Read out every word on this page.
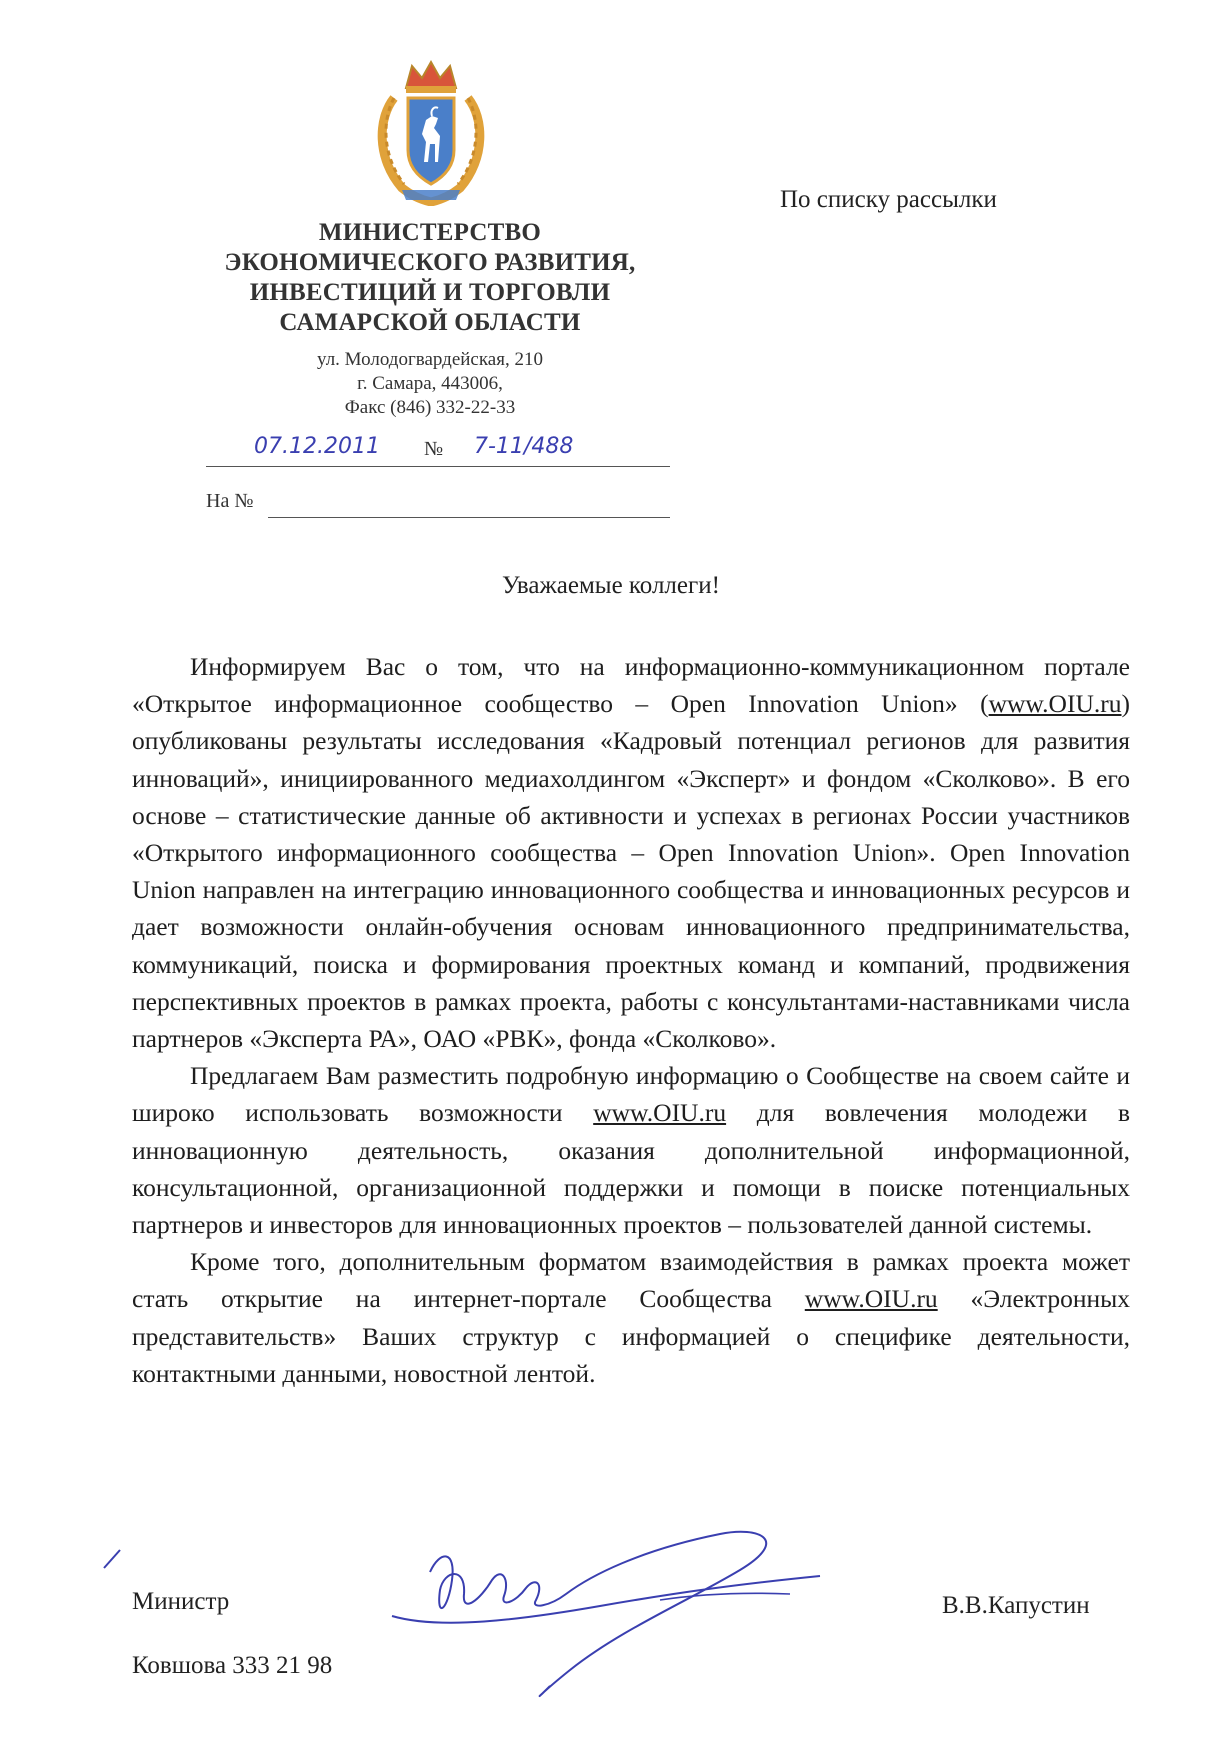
МИНИСТЕРСТВО
ЭКОНОМИЧЕСКОГО РАЗВИТИЯ,
ИНВЕСТИЦИЙ И ТОРГОВЛИ
САМАРСКОЙ ОБЛАСТИ
ул. Молодогвардейская, 210
г. Самара, 443006,
Факс (846) 332-22-33
07.12.2011 № 7-11/488
На №
По списку рассылки
Уважаемые коллеги!

Информируем Вас о том, что на информационно-коммуникационном портале «Открытое информационное сообщество – Open Innovation Union» (www.OIU.ru) опубликованы результаты исследования «Кадровый потенциал регионов для развития инноваций», инициированного медиахолдингом «Эксперт» и фондом «Сколково». В его основе – статистические данные об активности и успехах в регионах России участников «Открытого информационного сообщества – Open Innovation Union». Open Innovation Union направлен на интеграцию инновационного сообщества и инновационных ресурсов и дает возможности онлайн-обучения основам инновационного предпринимательства, коммуникаций, поиска и формирования проектных команд и компаний, продвижения перспективных проектов в рамках проекта, работы с консультантами-наставниками числа партнеров «Эксперта РА», ОАО «РВК», фонда «Сколково».

Предлагаем Вам разместить подробную информацию о Сообществе на своем сайте и широко использовать возможности www.OIU.ru для вовлечения молодежи в инновационную деятельность, оказания дополнительной информационной, консультационной, организационной поддержки и помощи в поиске потенциальных партнеров и инвесторов для инновационных проектов – пользователей данной системы.

Кроме того, дополнительным форматом взаимодействия в рамках проекта может стать открытие на интернет-портале Сообщества www.OIU.ru «Электронных представительств» Ваших структур с информацией о специфике деятельности, контактными данными, новостной лентой.

Министр	В.В.Капустин
Ковшова 333 21 98
